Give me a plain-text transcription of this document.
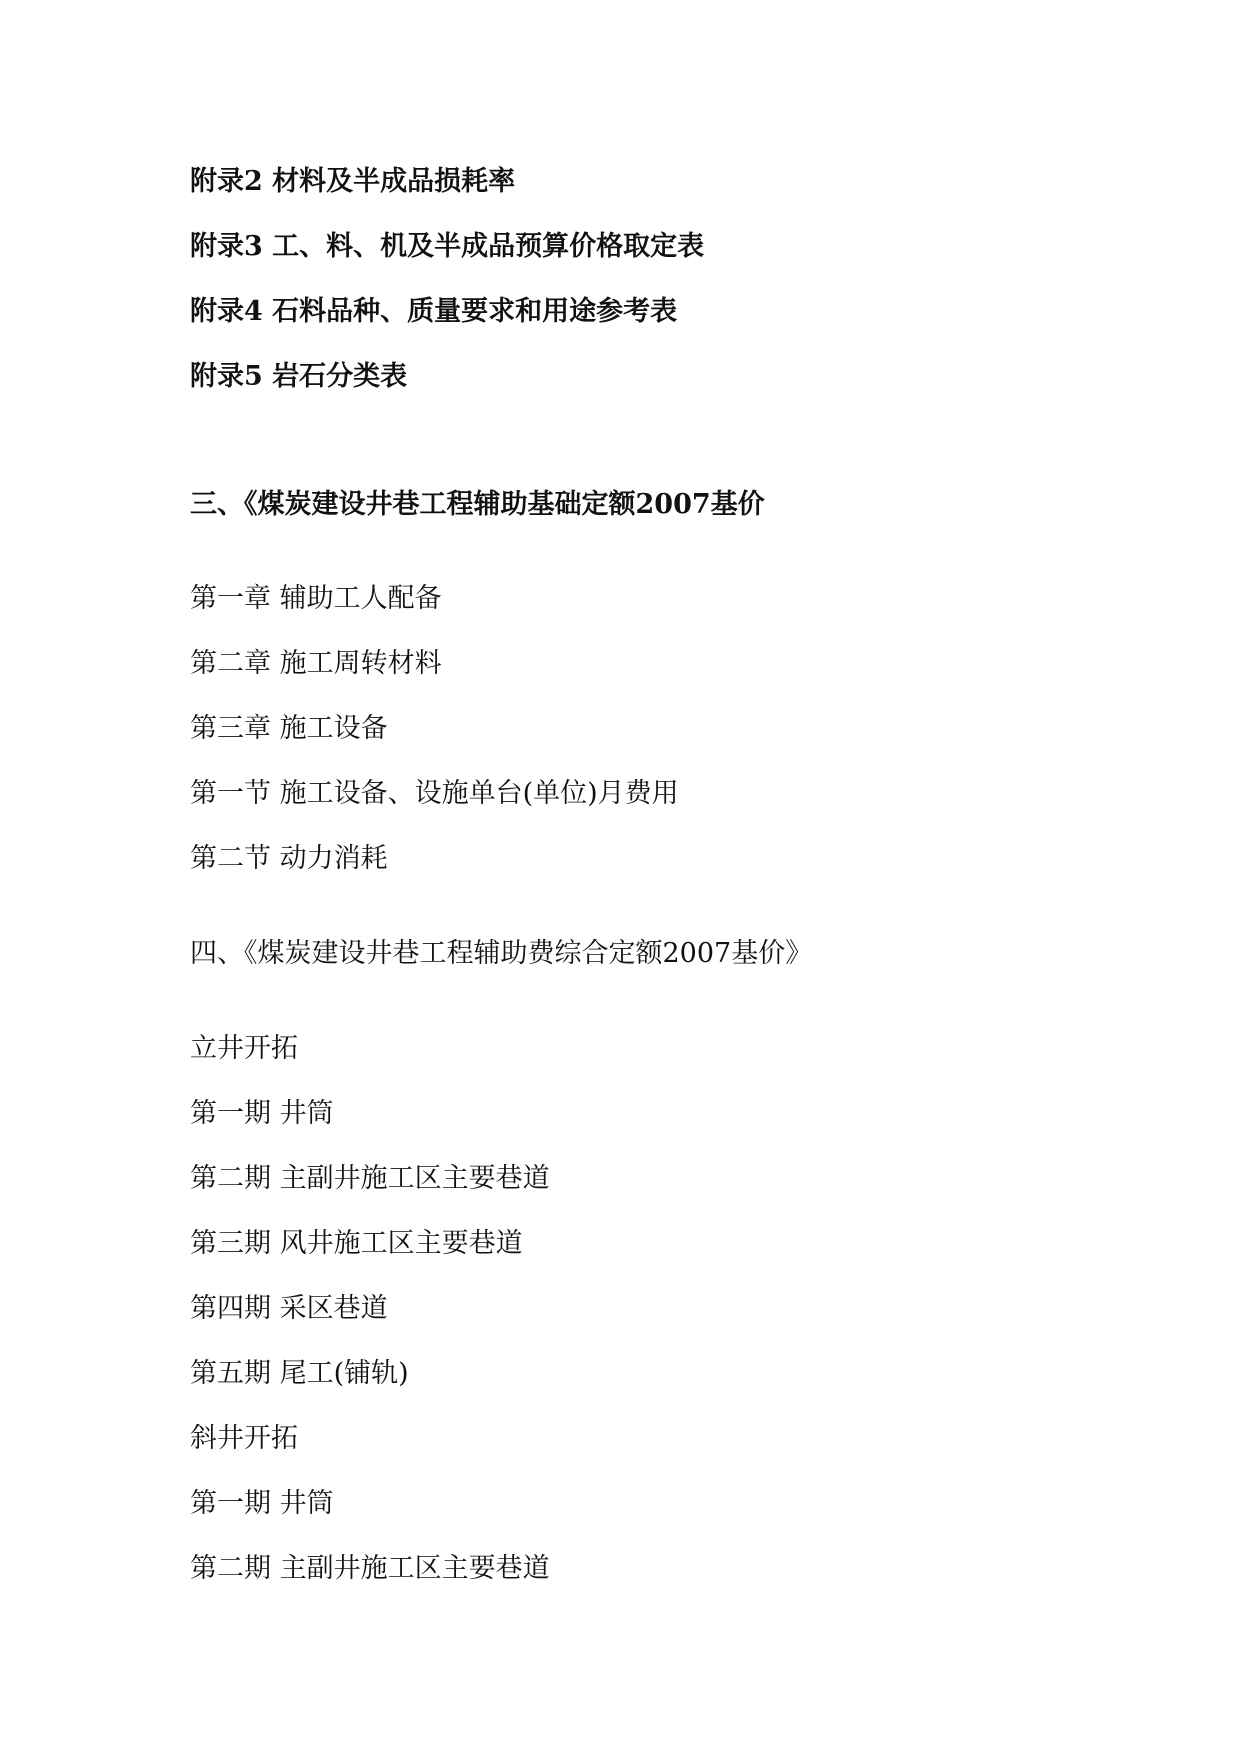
附录2 材料及半成品损耗率
附录3 工、料、机及半成品预算价格取定表
附录4 石料品种、质量要求和用途参考表
附录5 岩石分类表
三、《煤炭建设井巷工程辅助基础定额2007基价
第一章 辅助工人配备
第二章 施工周转材料
第三章 施工设备
第一节 施工设备、设施单台(单位)月费用
第二节 动力消耗
四、《煤炭建设井巷工程辅助费综合定额2007基价》
立井开拓
第一期 井筒
第二期 主副井施工区主要巷道
第三期 风井施工区主要巷道
第四期 采区巷道
第五期 尾工(铺轨)
斜井开拓
第一期 井筒
第二期 主副井施工区主要巷道
